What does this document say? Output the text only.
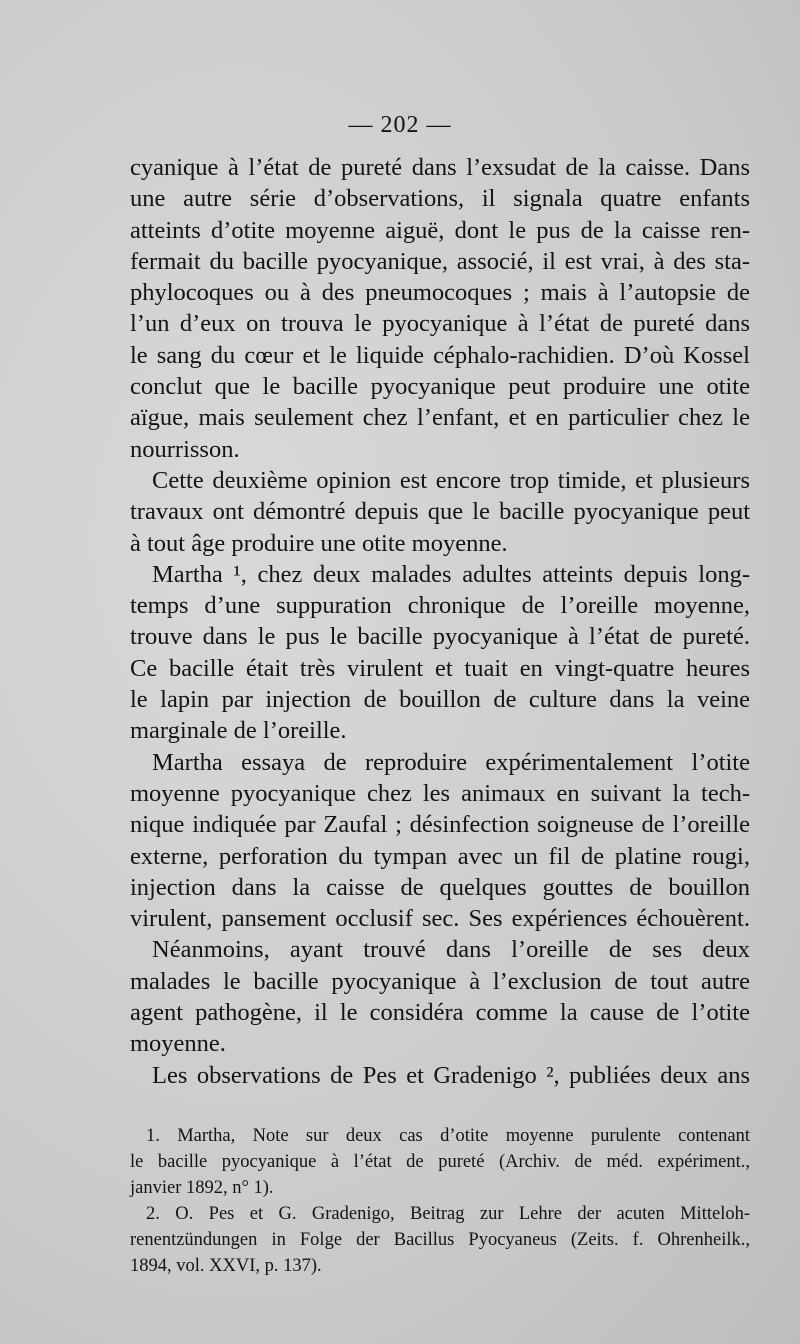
— 202 —
cyanique à l’état de pureté dans l’exsudat de la caisse. Dans
une autre série d’observations, il signala quatre enfants
atteints d’otite moyenne aiguë, dont le pus de la caisse ren-
fermait du bacille pyocyanique, associé, il est vrai, à des sta-
phylocoques ou à des pneumocoques ; mais à l’autopsie de
l’un d’eux on trouva le pyocyanique à l’état de pureté dans
le sang du cœur et le liquide céphalo-rachidien. D’où Kossel
conclut que le bacille pyocyanique peut produire une otite
aïgue, mais seulement chez l’enfant, et en particulier chez le
nourrisson.
Cette deuxième opinion est encore trop timide, et plusieurs
travaux ont démontré depuis que le bacille pyocyanique peut
à tout âge produire une otite moyenne.
Martha ¹, chez deux malades adultes atteints depuis long-
temps d’une suppuration chronique de l’oreille moyenne,
trouve dans le pus le bacille pyocyanique à l’état de pureté.
Ce bacille était très virulent et tuait en vingt-quatre heures
le lapin par injection de bouillon de culture dans la veine
marginale de l’oreille.
Martha essaya de reproduire expérimentalement l’otite
moyenne pyocyanique chez les animaux en suivant la tech-
nique indiquée par Zaufal ; désinfection soigneuse de l’oreille
externe, perforation du tympan avec un fil de platine rougi,
injection dans la caisse de quelques gouttes de bouillon
virulent, pansement occlusif sec. Ses expériences échouèrent.
Néanmoins, ayant trouvé dans l’oreille de ses deux
malades le bacille pyocyanique à l’exclusion de tout autre
agent pathogène, il le considéra comme la cause de l’otite
moyenne.
Les observations de Pes et Gradenigo ², publiées deux ans
1. Martha, Note sur deux cas d’otite moyenne purulente contenant
le bacille pyocyanique à l’état de pureté (Archiv. de méd. expériment.,
janvier 1892, n° 1).
2. O. Pes et G. Gradenigo, Beitrag zur Lehre der acuten Mitteloh-
renentzündungen in Folge der Bacillus Pyocyaneus (Zeits. f. Ohrenheilk.,
1894, vol. XXVI, p. 137).
